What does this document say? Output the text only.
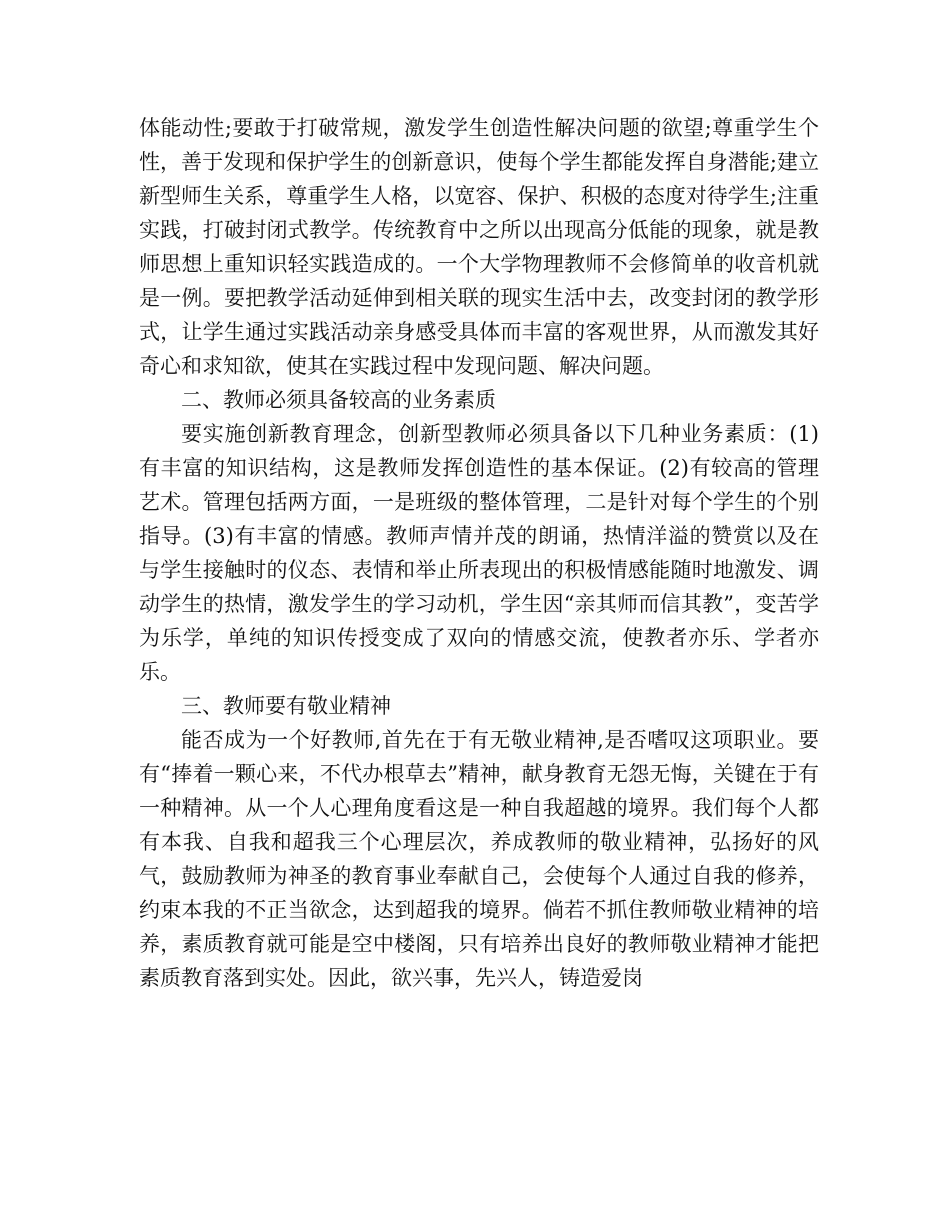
体能动性;要敢于打破常规，激发学生创造性解决问题的欲望;尊重学生个性，善于发现和保护学生的创新意识，使每个学生都能发挥自身潜能;建立新型师生关系，尊重学生人格，以宽容、保护、积极的态度对待学生;注重实践，打破封闭式教学。传统教育中之所以出现高分低能的现象，就是教师思想上重知识轻实践造成的。一个大学物理教师不会修简单的收音机就是一例。要把教学活动延伸到相关联的现实生活中去，改变封闭的教学形式，让学生通过实践活动亲身感受具体而丰富的客观世界，从而激发其好奇心和求知欲，使其在实践过程中发现问题、解决问题。

二、教师必须具备较高的业务素质

要实施创新教育理念，创新型教师必须具备以下几种业务素质：(1)有丰富的知识结构，这是教师发挥创造性的基本保证。(2)有较高的管理艺术。管理包括两方面，一是班级的整体管理，二是针对每个学生的个别指导。(3)有丰富的情感。教师声情并茂的朗诵，热情洋溢的赞赏以及在与学生接触时的仪态、表情和举止所表现出的积极情感能随时地激发、调动学生的热情，激发学生的学习动机，学生因“亲其师而信其教”，变苦学为乐学，单纯的知识传授变成了双向的情感交流，使教者亦乐、学者亦乐。

三、教师要有敬业精神

能否成为一个好教师,首先在于有无敬业精神,是否嗜叹这项职业。要有“捧着一颗心来，不代办根草去”精神，献身教育无怨无悔，关键在于有一种精神。从一个人心理角度看这是一种自我超越的境界。我们每个人都有本我、自我和超我三个心理层次，养成教师的敬业精神，弘扬好的风气，鼓励教师为神圣的教育事业奉献自己，会使每个人通过自我的修养，约束本我的不正当欲念，达到超我的境界。倘若不抓住教师敬业精神的培养，素质教育就可能是空中楼阁，只有培养出良好的教师敬业精神才能把素质教育落到实处。因此，欲兴事，先兴人，铸造爱岗
